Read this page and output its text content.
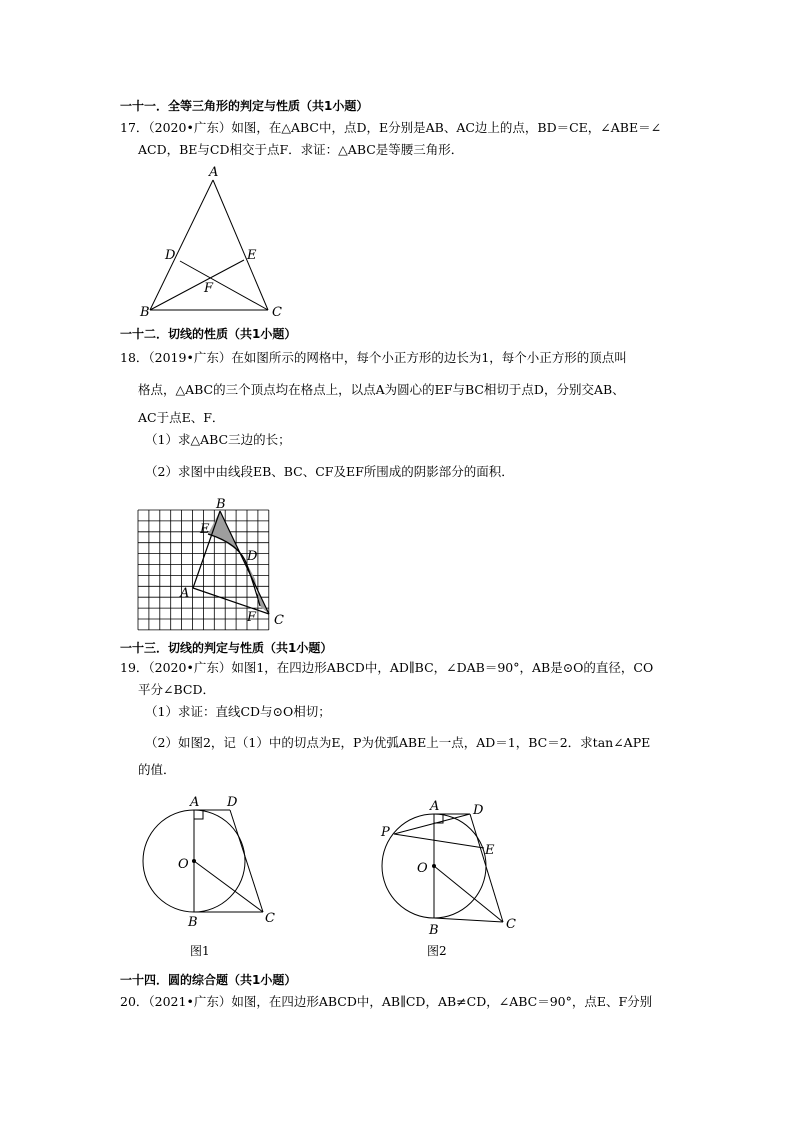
一十一．全等三角形的判定与性质（共1小题）
17．（2020•广东）如图，在△ABC中，点D，E分别是AB、AC边上的点，BD＝CE，∠ABE＝∠
ACD，BE与CD相交于点F．求证：△ABC是等腰三角形．
A
B	C
D	E
F
一十二．切线的性质（共1小题）
18．（2019•广东）在如图所示的网格中，每个小正方形的边长为1，每个小正方形的顶点叫
格点，△ABC的三个顶点均在格点上，以点A为圆心的EF与BC相切于点D，分别交AB、
AC于点E、F．
（1）求△ABC三边的长；
（2）求图中由线段EB、BC、CF及EF所围成的阴影部分的面积．
B
E
D
A
F C
一十三．切线的判定与性质（共1小题）
19．（2020•广东）如图1，在四边形ABCD中，AD∥BC，∠DAB＝90°，AB是⊙O的直径，CO
平分∠BCD．
（1）求证：直线CD与⊙O相切；
（2）如图2，记（1）中的切点为E，P为优弧ABE上一点，AD＝1，BC＝2．求tan∠APE
的值．
A D
O
B	C
图1
A	D
P
E
O
B	C
图2
一十四．圆的综合题（共1小题）
20．（2021•广东）如图，在四边形ABCD中，AB∥CD，AB≠CD，∠ABC＝90°，点E、F分别
